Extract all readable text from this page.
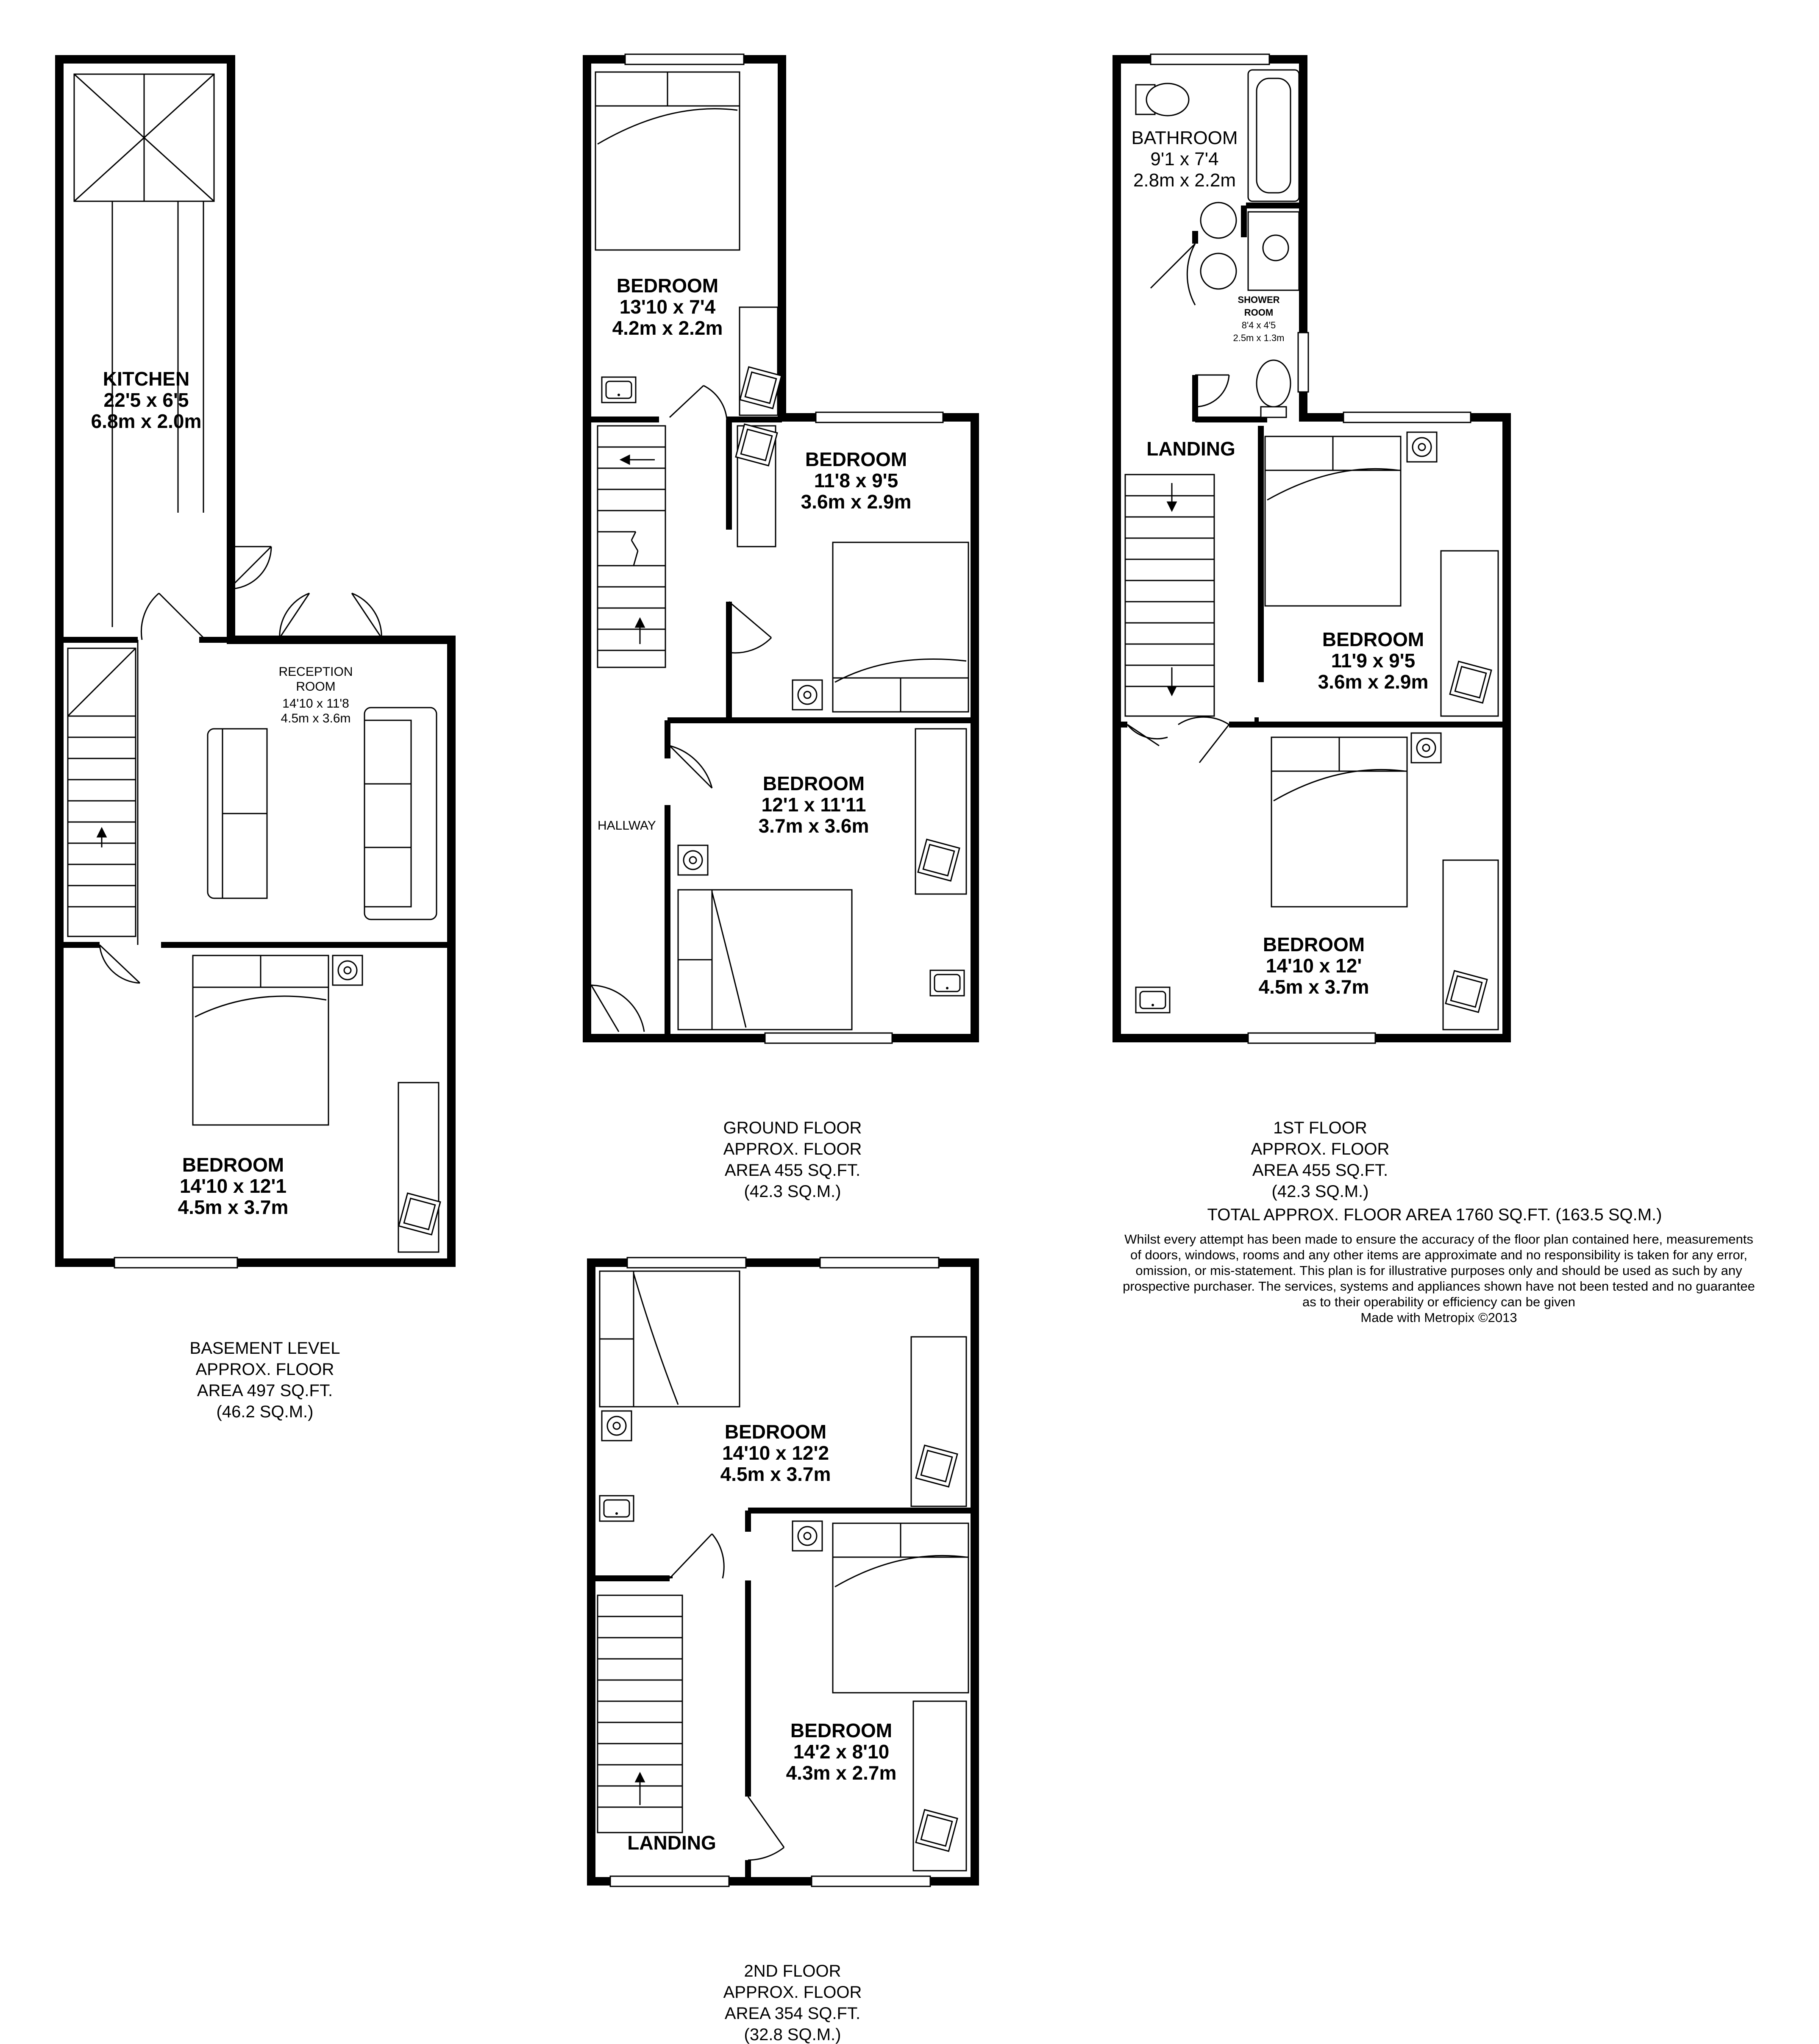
KITCHEN
22'5 x 6'5
6.8m x 2.0m
RECEPTION
ROOM
14'10 x 11'8
4.5m x 3.6m
BEDROOM
14'10 x 12'1
4.5m x 3.7m
BASEMENT LEVEL
APPROX. FLOOR
AREA 497 SQ.FT.
(46.2 SQ.M.)
BEDROOM
13'10 x 7'4
4.2m x 2.2m
BEDROOM
11'8 x 9'5
3.6m x 2.9m
BEDROOM
12'1 x 11'11
3.7m x 3.6m
HALLWAY
GROUND FLOOR
APPROX. FLOOR
AREA 455 SQ.FT.
(42.3 SQ.M.)
BATHROOM
9'1 x 7'4
2.8m x 2.2m
SHOWER
ROOM
8'4 x 4'5
2.5m x 1.3m
LANDING
BEDROOM
11'9 x 9'5
3.6m x 2.9m
BEDROOM
14'10 x 12'
4.5m x 3.7m
1ST FLOOR
APPROX. FLOOR
AREA 455 SQ.FT.
(42.3 SQ.M.)
TOTAL APPROX. FLOOR AREA 1760 SQ.FT. (163.5 SQ.M.)
Whilst every attempt has been made to ensure the accuracy of the floor plan contained here, measurements
of doors, windows, rooms and any other items are approximate and no responsibility is taken for any error,
omission, or mis-statement. This plan is for illustrative purposes only and should be used as such by any
prospective purchaser. The services, systems and appliances shown have not been tested and no guarantee
as to their operability or efficiency can be given
Made with Metropix ©2013
BEDROOM
14'10 x 12'2
4.5m x 3.7m
BEDROOM
14'2 x 8'10
4.3m x 2.7m
LANDING
2ND FLOOR
APPROX. FLOOR
AREA 354 SQ.FT.
(32.8 SQ.M.)
